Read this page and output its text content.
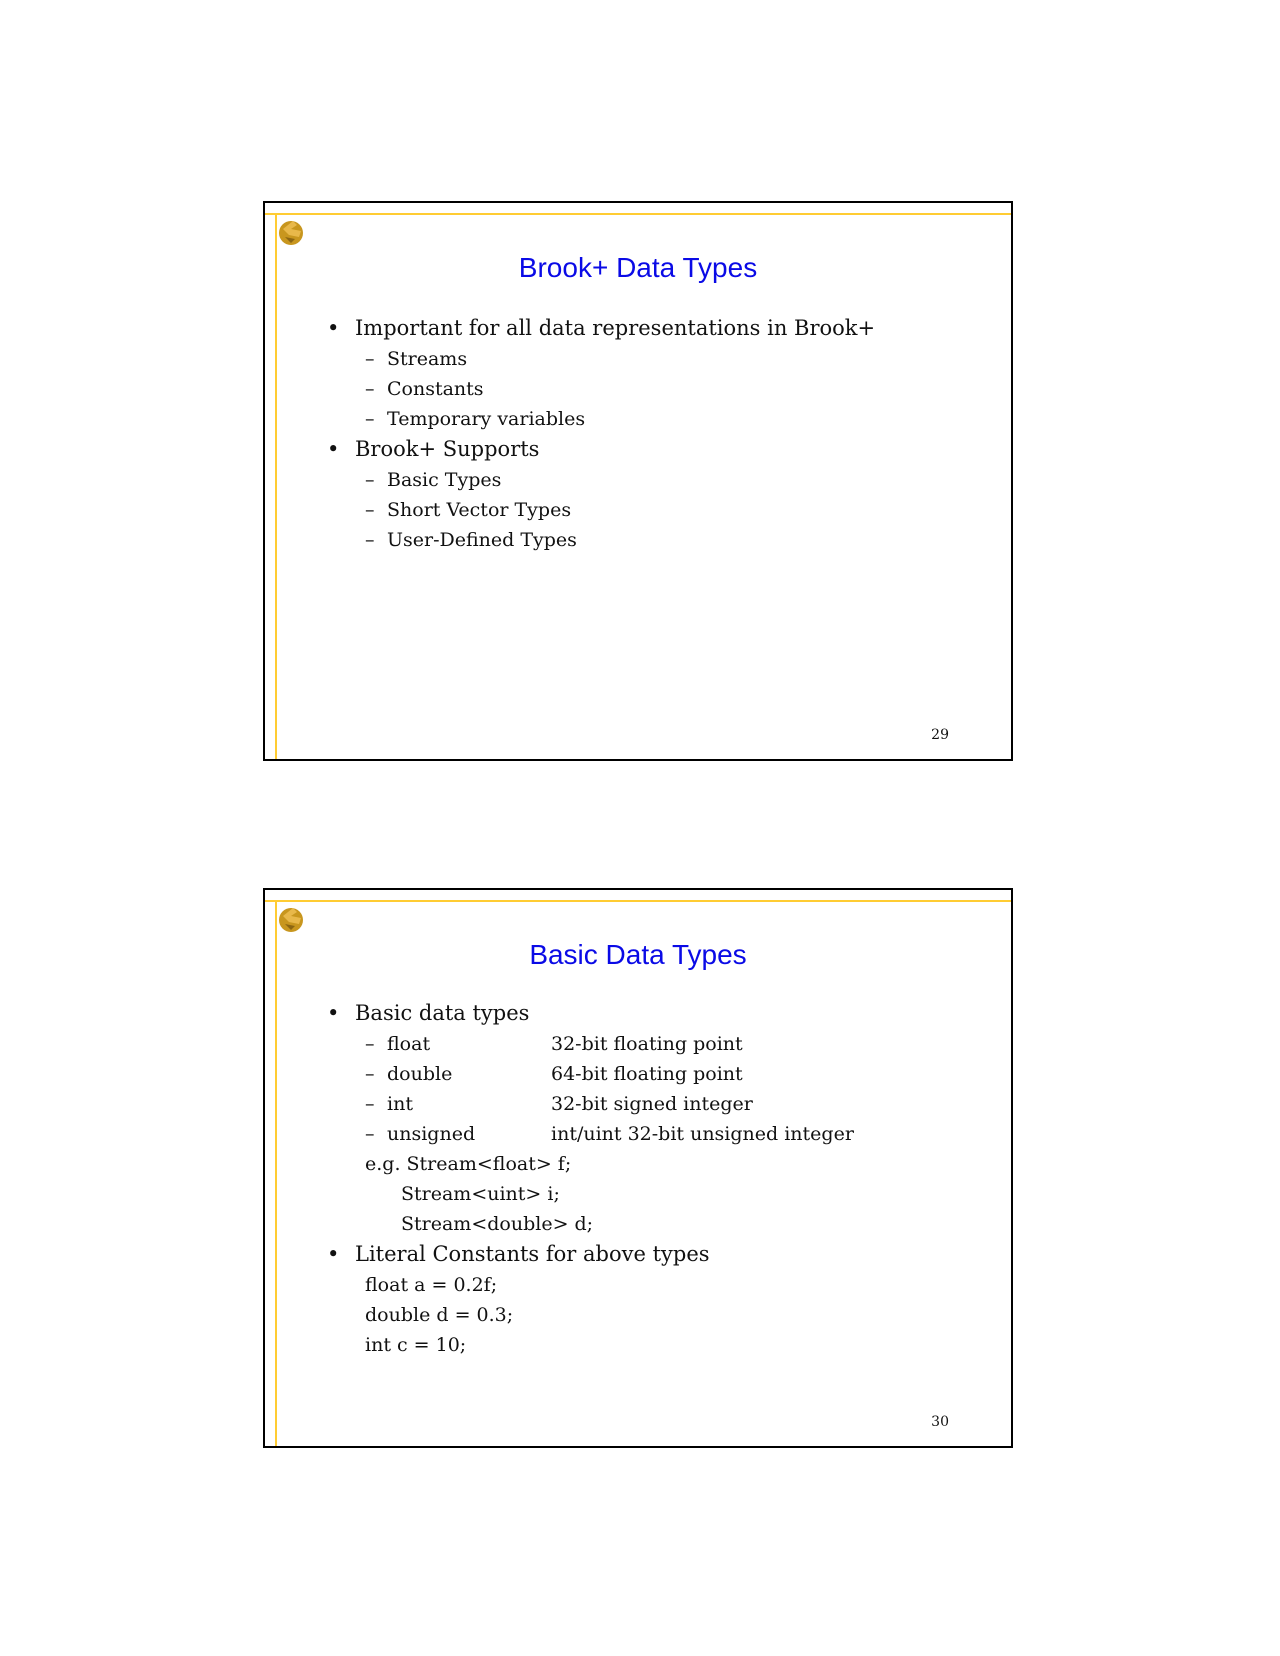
Brook+ Data Types
• Important for all data representations in Brook+
– Streams
– Constants
– Temporary variables
• Brook+ Supports
– Basic Types
– Short Vector Types
– User-Defined Types
29
Basic Data Types
• Basic data types
– float	32-bit floating point
– double	64-bit floating point
– int	32-bit signed integer
– unsigned	int/uint 32-bit unsigned integer
e.g. Stream<float> f;
Stream<uint> i;
Stream<double> d;
• Literal Constants for above types
float a = 0.2f;
double d = 0.3;
int c = 10;
30
